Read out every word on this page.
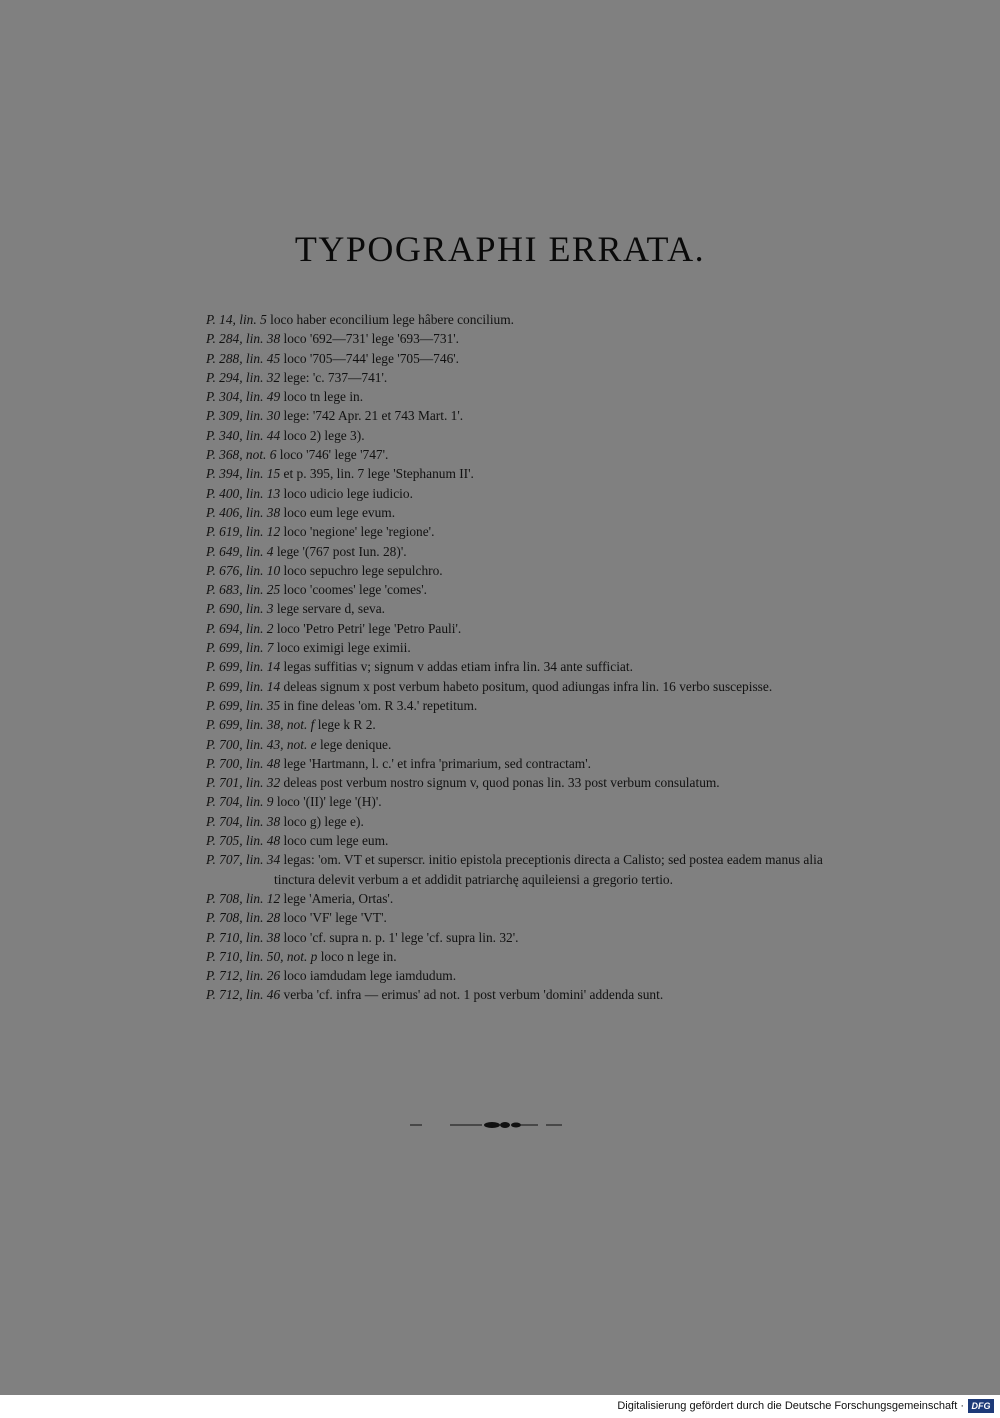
TYPOGRAPHI ERRATA.
P. 14, lin. 5 loco haber econcilium lege hâbere concilium.
P. 284, lin. 38 loco '692—731' lege '693—731'.
P. 288, lin. 45 loco '705—744' lege '705—746'.
P. 294, lin. 32 lege: 'c. 737—741'.
P. 304, lin. 49 loco tn lege in.
P. 309, lin. 30 lege: '742 Apr. 21 et 743 Mart. 1'.
P. 340, lin. 44 loco 2) lege 3).
P. 368, not. 6 loco '746' lege '747'.
P. 394, lin. 15 et p. 395, lin. 7 lege 'Stephanum II'.
P. 400, lin. 13 loco udicio lege iudicio.
P. 406, lin. 38 loco eum lege evum.
P. 619, lin. 12 loco 'negione' lege 'regione'.
P. 649, lin. 4 lege '(767 post Iun. 28)'.
P. 676, lin. 10 loco sepuchro lege sepulchro.
P. 683, lin. 25 loco 'coomes' lege 'comes'.
P. 690, lin. 3 lege servare d, seva.
P. 694, lin. 2 loco 'Petro Petri' lege 'Petro Pauli'.
P. 699, lin. 7 loco eximigi lege eximii.
P. 699, lin. 14 legas suffitias v; signum v addas etiam infra lin. 34 ante sufficiat.
P. 699, lin. 14 deleas signum x post verbum habeto positum, quod adiungas infra lin. 16 verbo suscepisse.
P. 699, lin. 35 in fine deleas 'om. R 3.4.' repetitum.
P. 699, lin. 38, not. f lege k R 2.
P. 700, lin. 43, not. e lege denique.
P. 700, lin. 48 lege 'Hartmann, l. c.' et infra 'primarium, sed contractam'.
P. 701, lin. 32 deleas post verbum nostro signum v, quod ponas lin. 33 post verbum consulatum.
P. 704, lin. 9 loco '(II)' lege '(H)'.
P. 704, lin. 38 loco g) lege e).
P. 705, lin. 48 loco cum lege eum.
P. 707, lin. 34 legas: 'om. VT et superscr. initio epistola preceptionis directa a Calisto; sed postea eadem manus alia tinctura delevit verbum a et addidit patriarchę aquileiensi a gregorio tertio.
P. 708, lin. 12 lege 'Ameria, Ortas'.
P. 708, lin. 28 loco 'VF' lege 'VT'.
P. 710, lin. 38 loco 'cf. supra n. p. 1' lege 'cf. supra lin. 32'.
P. 710, lin. 50, not. p loco n lege in.
P. 712, lin. 26 loco iamdudam lege iamdudum.
P. 712, lin. 46 verba 'cf. infra — erimus' ad not. 1 post verbum 'domini' addenda sunt.
Digitalisierung gefördert durch die Deutsche Forschungsgemeinschaft · DFG
